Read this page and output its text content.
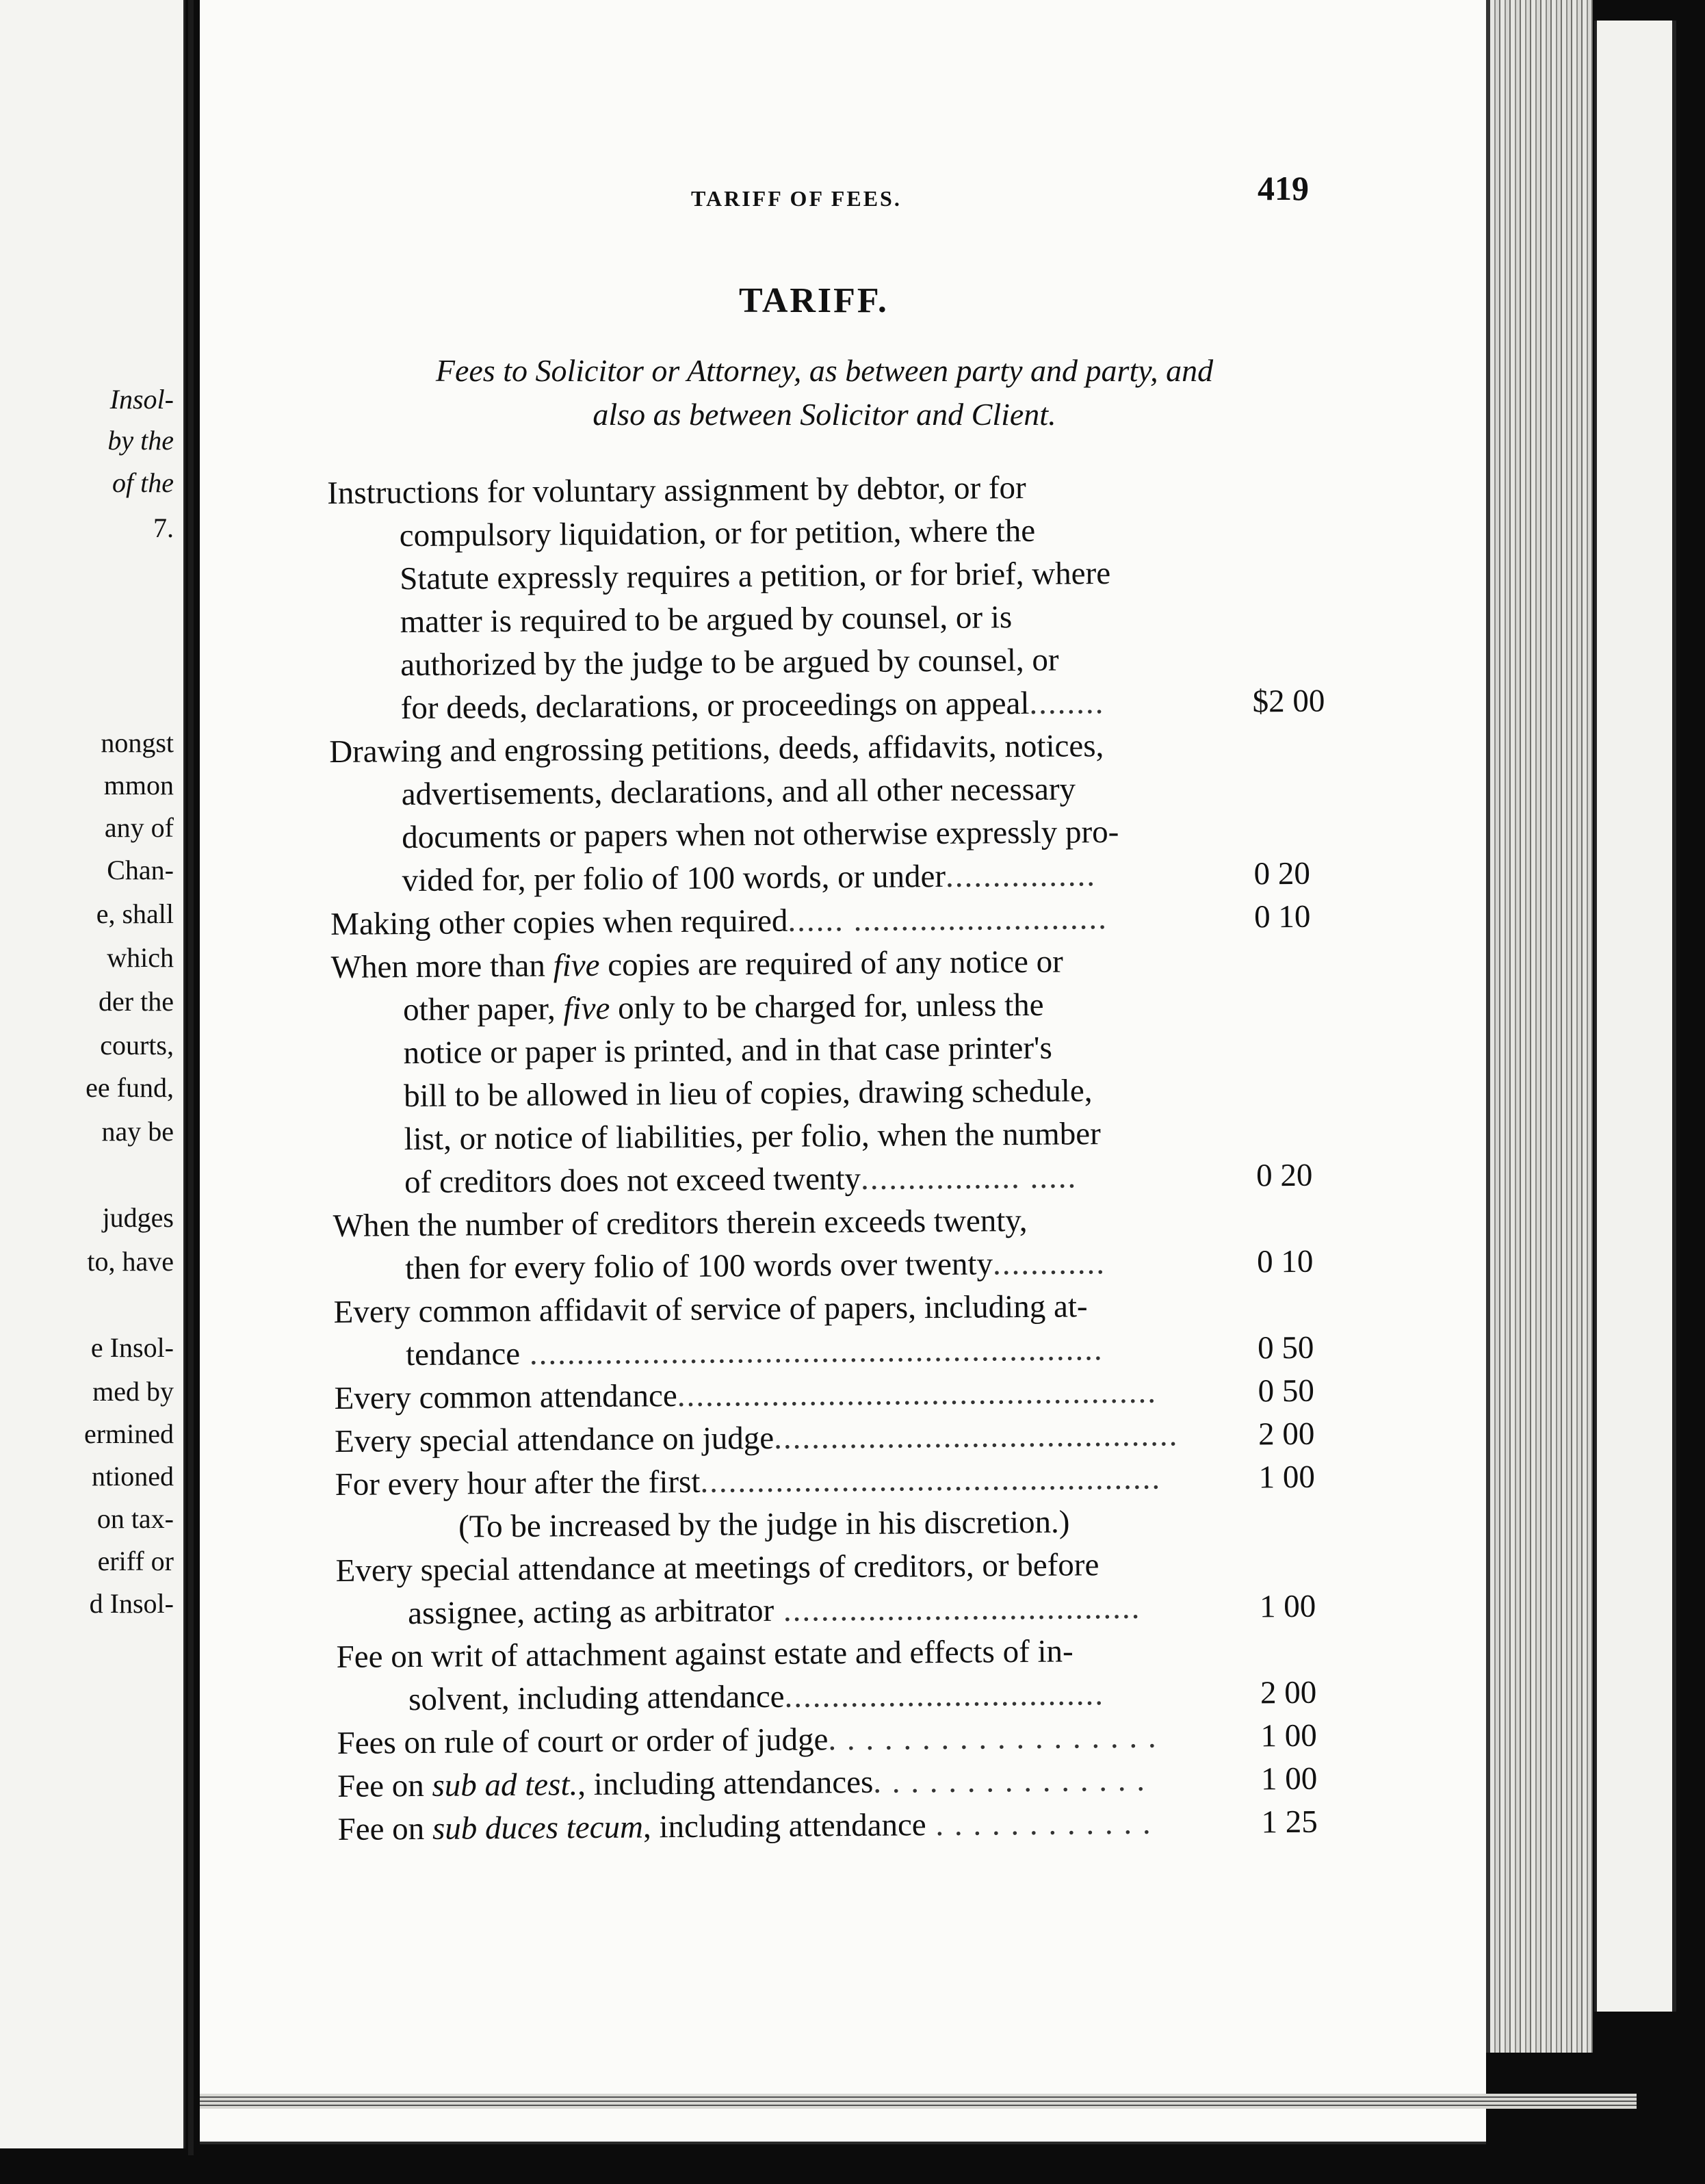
Insol-
by the
of the
7.
nongst
mmon
any of
Chan-
e, shall
which
der the
courts,
ee fund,
nay be
judges
to, have
e Insol-
med by
ermined
ntioned
on tax-
eriff or
d Insol-
TARIFF OF FEES.	419
TARIFF.
Fees to Solicitor or Attorney, as between party and party, and
also as between Solicitor and Client.
Instructions for voluntary assignment by debtor, or for
compulsory liquidation, or for petition, where the
Statute expressly requires a petition, or for brief, where
matter is required to be argued by counsel, or is
authorized by the judge to be argued by counsel, or
for deeds, declarations, or proceedings on appeal........	$2 00
Drawing and engrossing petitions, deeds, affidavits, notices,
advertisements, declarations, and all other necessary
documents or papers when not otherwise expressly pro-
vided for, per folio of 100 words, or under................	0 20
Making other copies when required...... ...........................	0 10
When more than five copies are required of any notice or
other paper, five only to be charged for, unless the
notice or paper is printed, and in that case printer's
bill to be allowed in lieu of copies, drawing schedule,
list, or notice of liabilities, per folio, when the number
of creditors does not exceed twenty................. .....	0 20
When the number of creditors therein exceeds twenty,
then for every folio of 100 words over twenty............	0 10
Every common affidavit of service of papers, including at-
tendance .............................................................	0 50
Every common attendance...................................................	0 50
Every special attendance on judge...........................................	2 00
For every hour after the first.................................................	1 00
(To be increased by the judge in his discretion.)
Every special attendance at meetings of creditors, or before
assignee, acting as arbitrator ......................................	1 00
Fee on writ of attachment against estate and effects of in-
solvent, including attendance..................................	2 00
Fees on rule of court or order of judge. . . . . . . . . . . . . . . . . .	1 00
Fee on sub ad test., including attendances. . . . . . . . . . . . . . .	1 00
Fee on sub duces tecum, including attendance . . . . . . . . . . . .	1 25
